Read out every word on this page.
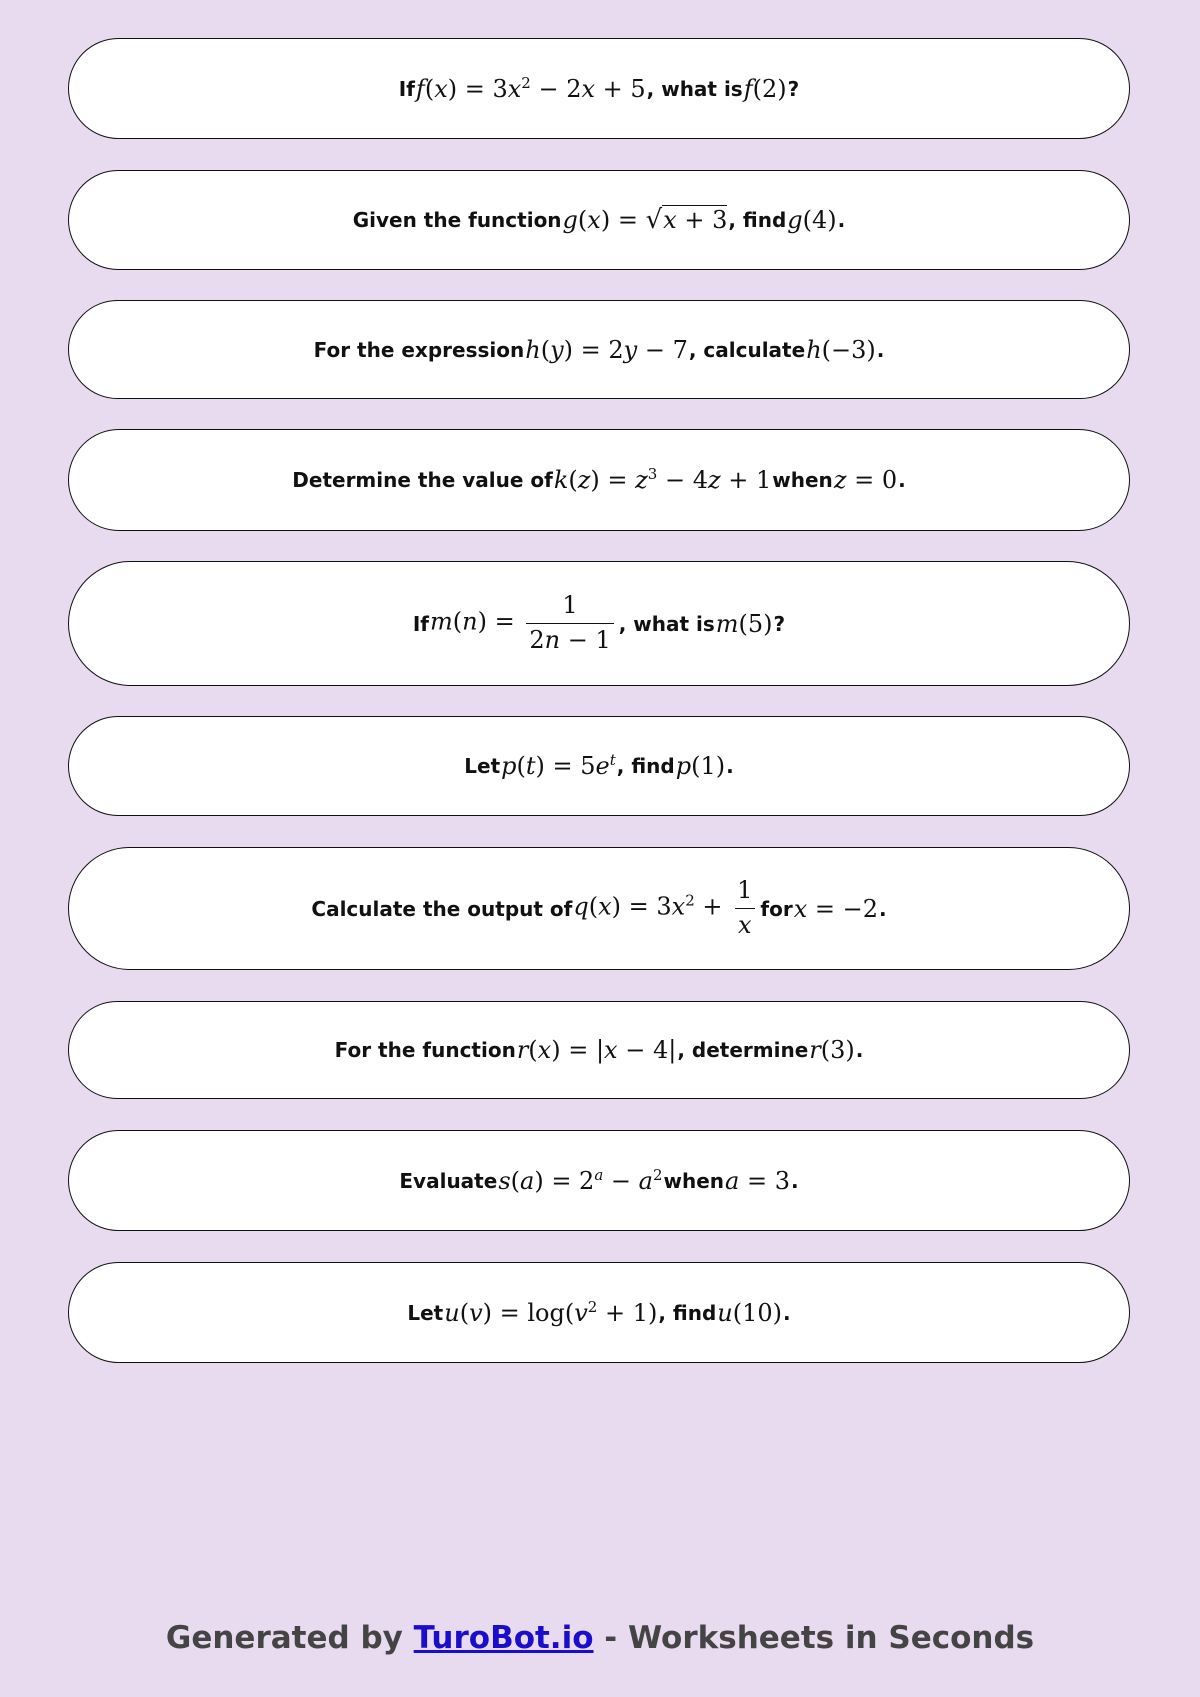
If $f(x) = 3x^2 - 2x + 5$ , what is f(2) ?
Given the function g(x) = √x + 3 , find g(4) .
For the expression h(y) = 2y − 7 , calculate h(−3) .
Determine the value of $k(z) = z^3 - 4z + 1$ when z = 0 .
If $m(n) = \frac{1}{2n - 1}$ , what is m(5) ?
Let $p(t) = 5e^t$ , find p(1) .
Calculate the output of $q(x) = 3x^2 + \frac{1}{x}$ for x = −2 .
For the function r(x) = |x − 4| , determine r(3) .
Evaluate $s(a) = 2^a - a^2$ when a = 3 .
Let $u(v) = \log(v^2 + 1)$ , find u(10) .
Generated by TuroBot.io - Worksheets in Seconds
